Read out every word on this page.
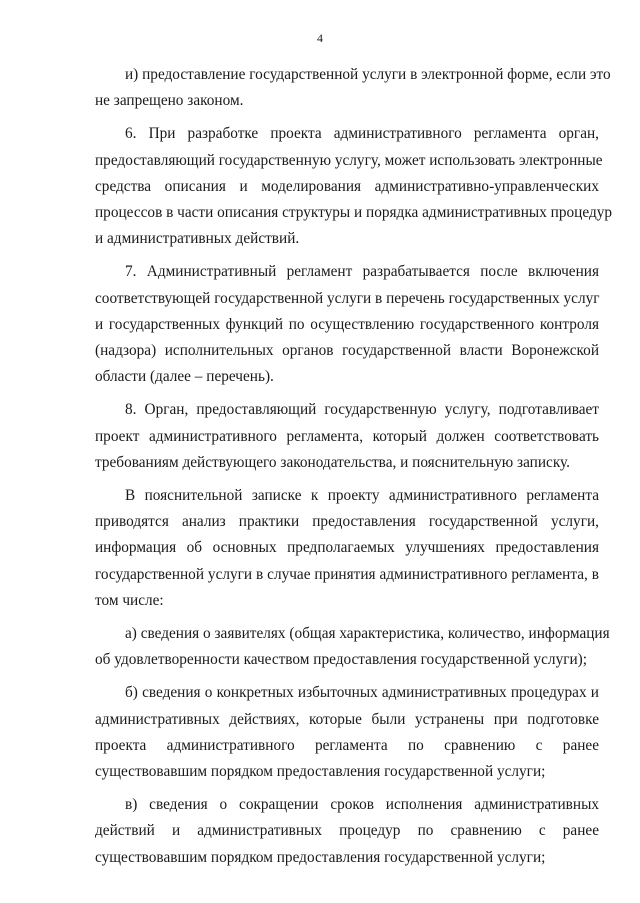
4

и) предоставление государственной услуги в электронной форме, если это
не запрещено законом.

6. При разработке проекта административного регламента орган,
предоставляющий государственную услугу, может использовать электронные
средства описания и моделирования административно-управленческих
процессов в части описания структуры и порядка административных процедур
и административных действий.

7. Административный регламент разрабатывается после включения
соответствующей государственной услуги в перечень государственных услуг
и государственных функций по осуществлению государственного контроля
(надзора) исполнительных органов государственной власти Воронежской
области (далее – перечень).

8. Орган, предоставляющий государственную услугу, подготавливает
проект административного регламента, который должен соответствовать
требованиям действующего законодательства, и пояснительную записку.

В пояснительной записке к проекту административного регламента
приводятся анализ практики предоставления государственной услуги,
информация об основных предполагаемых улучшениях предоставления
государственной услуги в случае принятия административного регламента, в
том числе:

а) сведения о заявителях (общая характеристика, количество, информация
об удовлетворенности качеством предоставления государственной услуги);

б) сведения о конкретных избыточных административных процедурах и
административных действиях, которые были устранены при подготовке
проекта административного регламента по сравнению с ранее
существовавшим порядком предоставления государственной услуги;

в) сведения о сокращении сроков исполнения административных
действий и административных процедур по сравнению с ранее
существовавшим порядком предоставления государственной услуги;
